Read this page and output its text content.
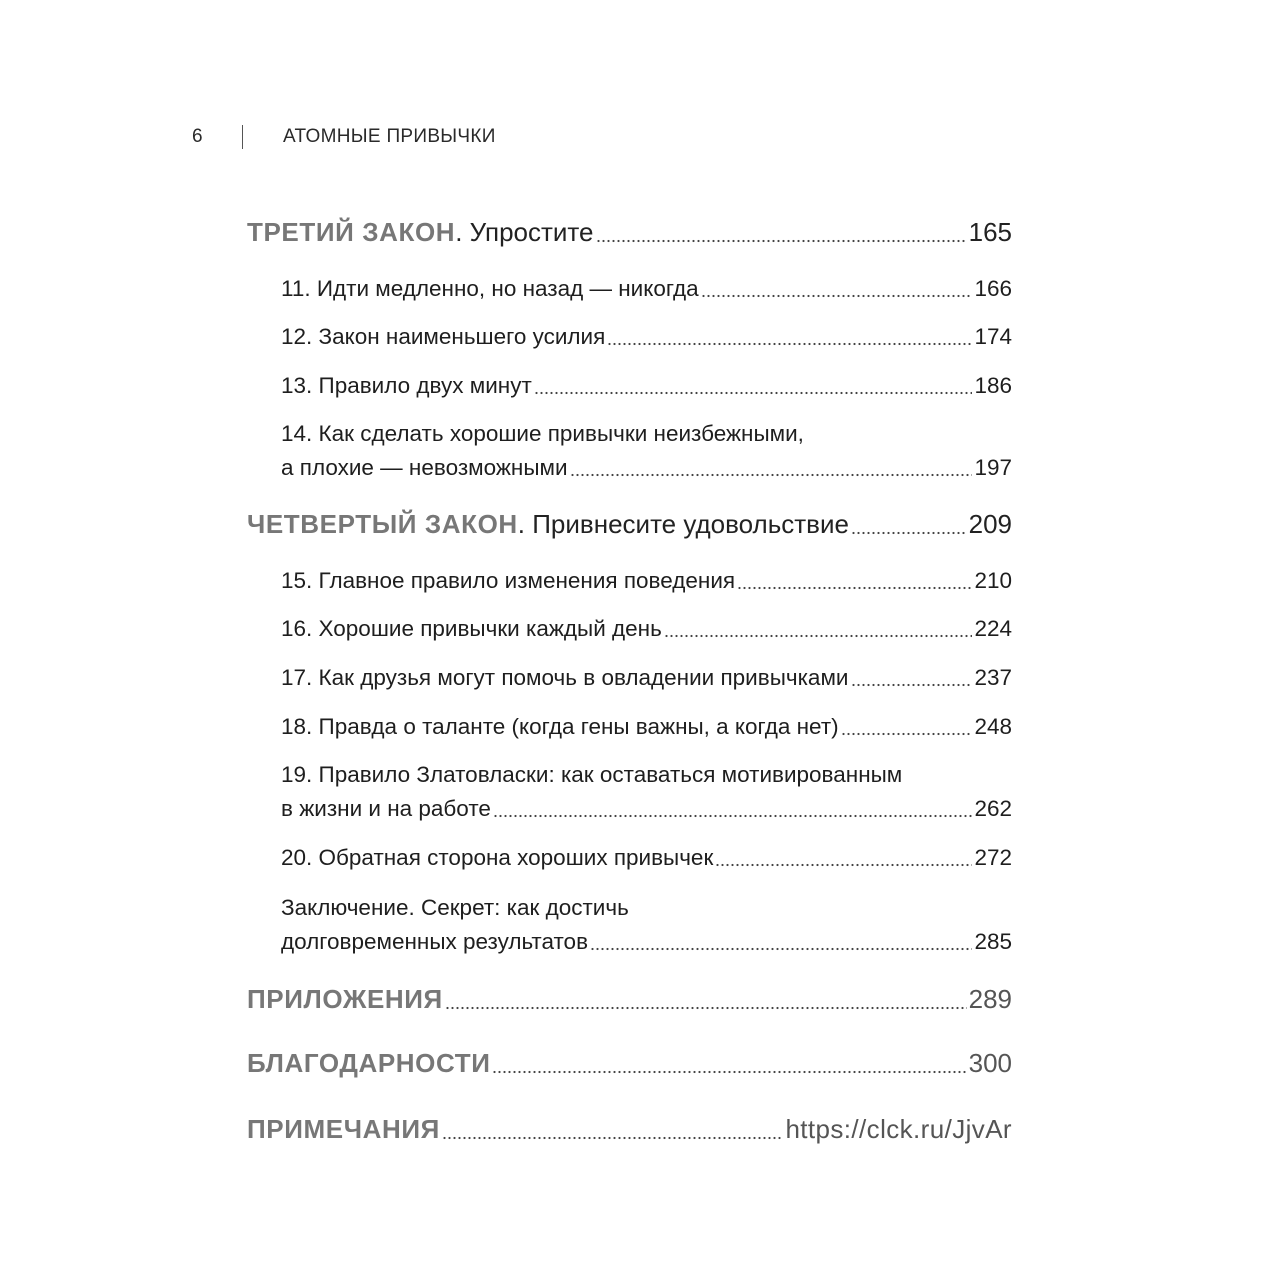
6	АТОМНЫЕ ПРИВЫЧКИ
ТРЕТИЙ ЗАКОН. Упростите	165
11. Идти медленно, но назад — никогда	166
12. Закон наименьшего усилия	174
13. Правило двух минут	186
14. Как сделать хорошие привычки неизбежными,
а плохие — невозможными	197
ЧЕТВЕРТЫЙ ЗАКОН. Привнесите удовольствие	209
15. Главное правило изменения поведения	210
16. Хорошие привычки каждый день	224
17. Как друзья могут помочь в овладении привычками	237
18. Правда о таланте (когда гены важны, а когда нет)	248
19. Правило Златовласки: как оставаться мотивированным
в жизни и на работе	262
20. Обратная сторона хороших привычек	272
Заключение. Секрет: как достичь
долговременных результатов	285
ПРИЛОЖЕНИЯ	289
БЛАГОДАРНОСТИ	300
ПРИМЕЧАНИЯ	https://clck.ru/JjvAr
